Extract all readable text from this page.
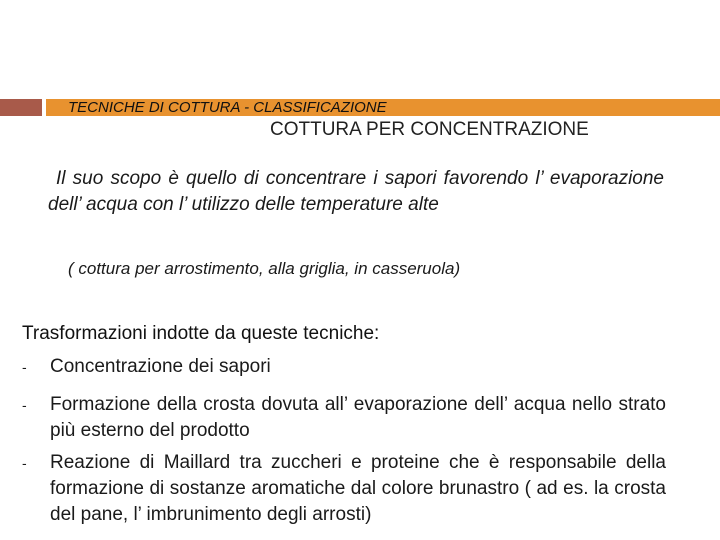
TECNICHE DI COTTURA - CLASSIFICAZIONE
COTTURA PER CONCENTRAZIONE
Il suo scopo è quello di concentrare i sapori favorendo l’ evaporazione dell’ acqua con l’ utilizzo delle temperature alte
( cottura per arrostimento, alla griglia, in casseruola)
Trasformazioni indotte da queste tecniche:
- Concentrazione dei sapori
- Formazione della crosta dovuta all’ evaporazione dell’ acqua nello strato più esterno del prodotto
- Reazione di Maillard tra zuccheri e proteine che è responsabile della formazione di sostanze aromatiche dal colore brunastro ( ad es. la crosta del pane, l’ imbrunimento degli arrosti)
